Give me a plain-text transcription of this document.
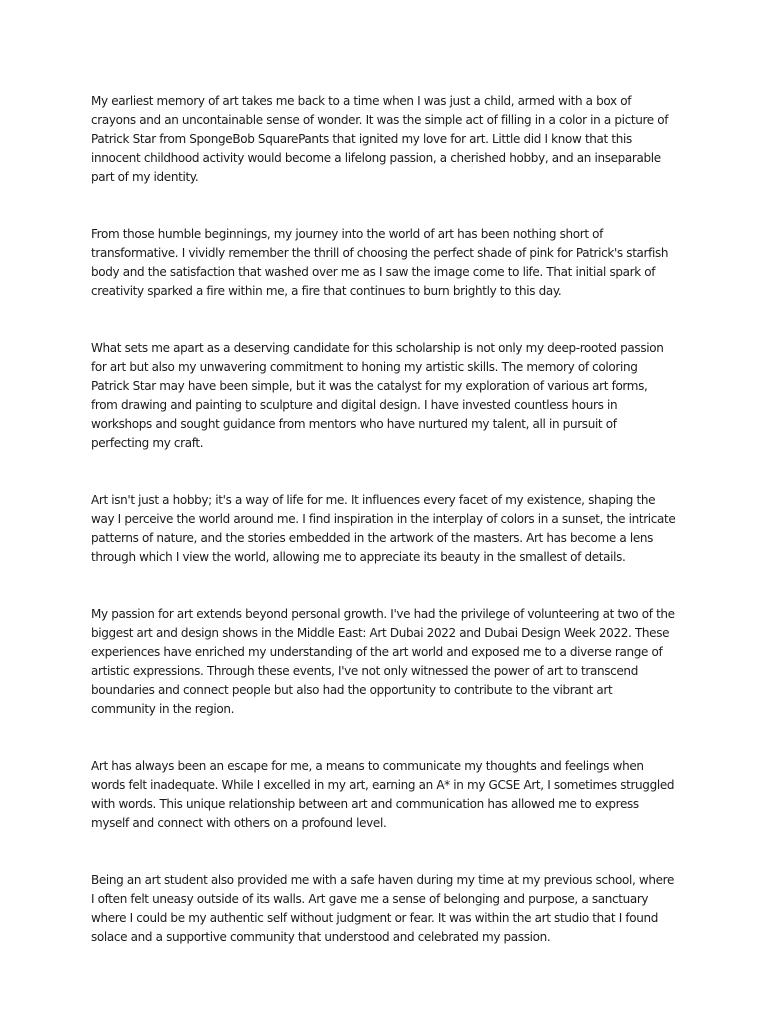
My earliest memory of art takes me back to a time when I was just a child, armed with a box of crayons and an uncontainable sense of wonder. It was the simple act of filling in a color in a picture of Patrick Star from SpongeBob SquarePants that ignited my love for art. Little did I know that this innocent childhood activity would become a lifelong passion, a cherished hobby, and an inseparable part of my identity.

From those humble beginnings, my journey into the world of art has been nothing short of transformative. I vividly remember the thrill of choosing the perfect shade of pink for Patrick's starfish body and the satisfaction that washed over me as I saw the image come to life. That initial spark of creativity sparked a fire within me, a fire that continues to burn brightly to this day.

What sets me apart as a deserving candidate for this scholarship is not only my deep-rooted passion for art but also my unwavering commitment to honing my artistic skills. The memory of coloring Patrick Star may have been simple, but it was the catalyst for my exploration of various art forms, from drawing and painting to sculpture and digital design. I have invested countless hours in workshops and sought guidance from mentors who have nurtured my talent, all in pursuit of perfecting my craft.

Art isn't just a hobby; it's a way of life for me. It influences every facet of my existence, shaping the way I perceive the world around me. I find inspiration in the interplay of colors in a sunset, the intricate patterns of nature, and the stories embedded in the artwork of the masters. Art has become a lens through which I view the world, allowing me to appreciate its beauty in the smallest of details.

My passion for art extends beyond personal growth. I've had the privilege of volunteering at two of the biggest art and design shows in the Middle East: Art Dubai 2022 and Dubai Design Week 2022. These experiences have enriched my understanding of the art world and exposed me to a diverse range of artistic expressions. Through these events, I've not only witnessed the power of art to transcend boundaries and connect people but also had the opportunity to contribute to the vibrant art community in the region.

Art has always been an escape for me, a means to communicate my thoughts and feelings when words felt inadequate. While I excelled in my art, earning an A* in my GCSE Art, I sometimes struggled with words. This unique relationship between art and communication has allowed me to express myself and connect with others on a profound level.

Being an art student also provided me with a safe haven during my time at my previous school, where I often felt uneasy outside of its walls. Art gave me a sense of belonging and purpose, a sanctuary where I could be my authentic self without judgment or fear. It was within the art studio that I found solace and a supportive community that understood and celebrated my passion.
